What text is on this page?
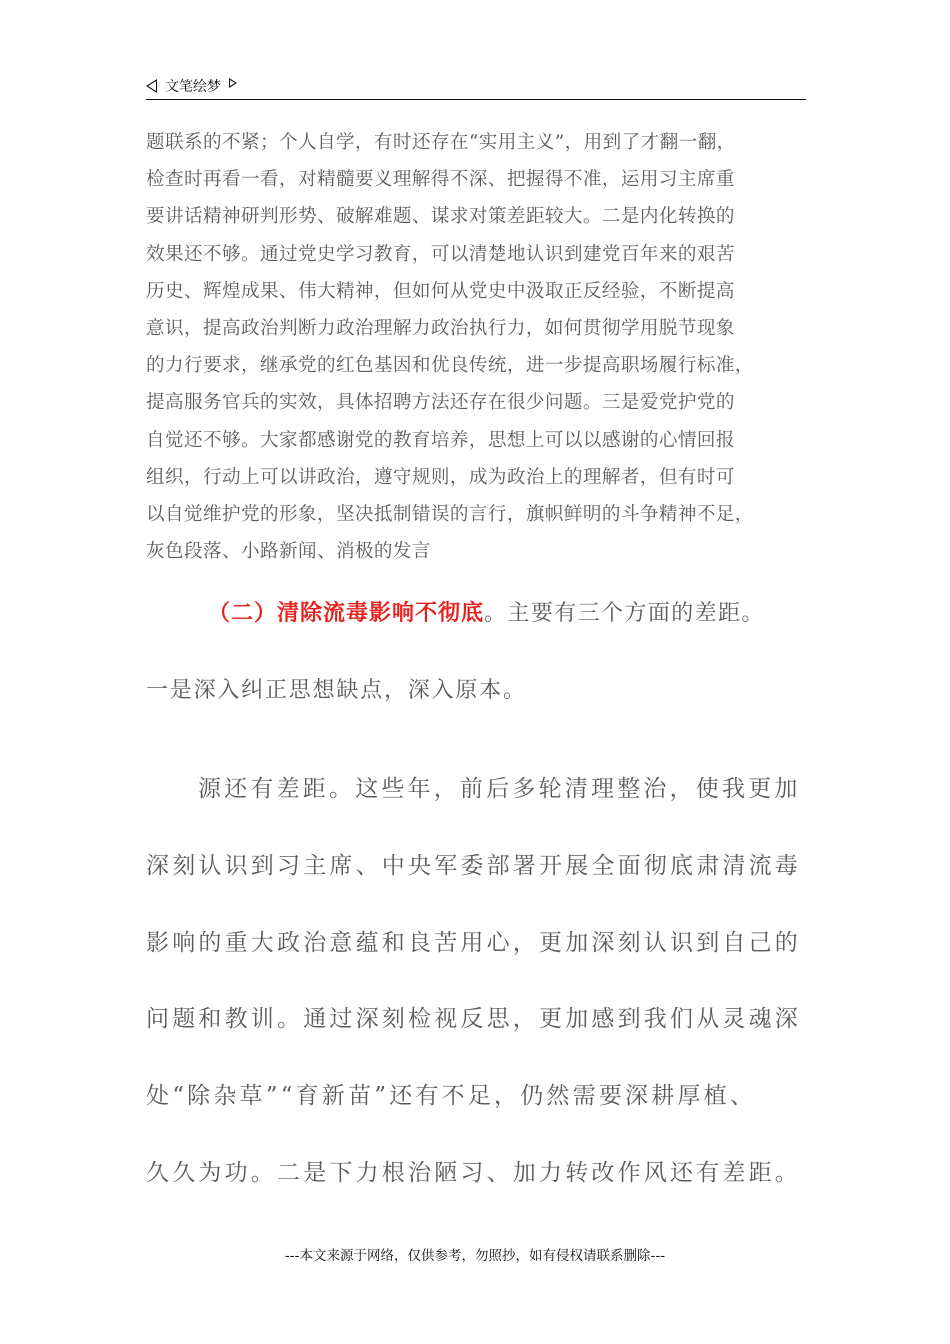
文笔绘梦
题联系的不紧；个人自学，有时还存在“实用主义”，用到了才翻一翻，
检查时再看一看，对精髓要义理解得不深、把握得不准，运用习主席重
要讲话精神研判形势、破解难题、谋求对策差距较大。二是内化转换的
效果还不够。通过党史学习教育，可以清楚地认识到建党百年来的艰苦
历史、辉煌成果、伟大精神，但如何从党史中汲取正反经验，不断提高
意识，提高政治判断力政治理解力政治执行力，如何贯彻学用脱节现象
的力行要求，继承党的红色基因和优良传统，进一步提高职场履行标准，
提高服务官兵的实效，具体招聘方法还存在很少问题。三是爱党护党的
自觉还不够。大家都感谢党的教育培养，思想上可以以感谢的心情回报
组织，行动上可以讲政治，遵守规则，成为政治上的理解者，但有时可
以自觉维护党的形象，坚决抵制错误的言行，旗帜鲜明的斗争精神不足，
灰色段落、小路新闻、消极的发言
（二）清除流毒影响不彻底。主要有三个方面的差距。
一是深入纠正思想缺点，深入原本。
源还有差距。这些年，前后多轮清理整治，使我更加
深刻认识到习主席、中央军委部署开展全面彻底肃清流毒
影响的重大政治意蕴和良苦用心，更加深刻认识到自己的
问题和教训。通过深刻检视反思，更加感到我们从灵魂深
处“除杂草”“育新苗”还有不足，仍然需要深耕厚植、
久久为功。二是下力根治陋习、加力转改作风还有差距。
---本文来源于网络，仅供参考，勿照抄，如有侵权请联系删除---
